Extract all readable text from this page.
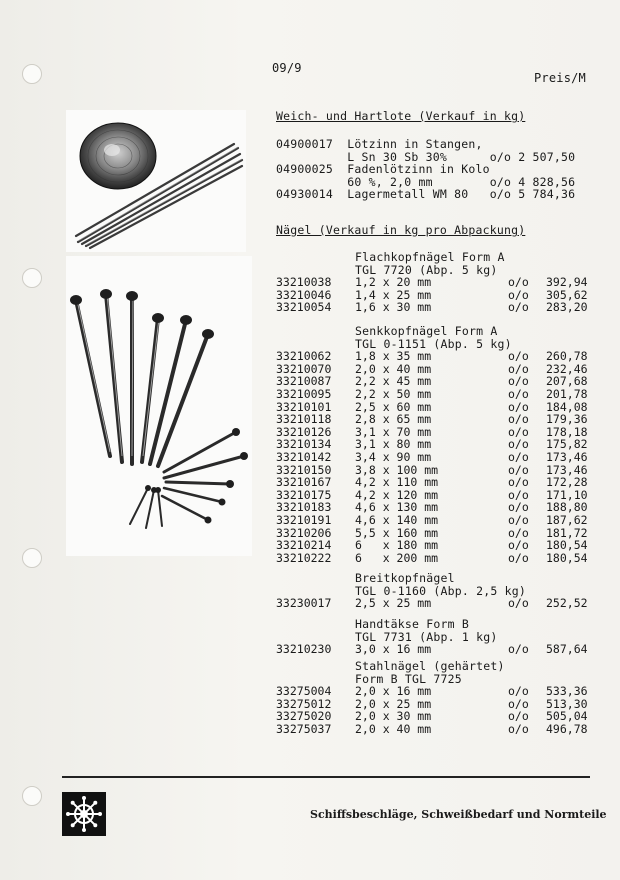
09/9
Preis/M
Weich- und Hartlote (Verkauf in kg)
04900017  Lötzinn in Stangen,
L Sn 30 Sb 30%      o/o 2 507,50
04900025  Fadenlötzinn in Kolo
60 %, 2,0 mm        o/o 4 828,56
04930014  Lagermetall WM 80   o/o 5 784,36
Nägel (Verkauf in kg pro Abpackung)
Flachkopfnägel Form A
TGL 7720 (Abp. 5 kg)
33210038 1,2 x 20 mm	o/o 392,94
33210046 1,4 x 25 mm	o/o 305,62
33210054 1,6 x 30 mm	o/o 283,20
Senkkopfnägel Form A
TGL 0-1151 (Abp. 5 kg)
33210062 1,8 x 35 mm	o/o 260,78
33210070 2,0 x 40 mm	o/o 232,46
33210087 2,2 x 45 mm	o/o 207,68
33210095 2,2 x 50 mm	o/o 201,78
33210101 2,5 x 60 mm	o/o 184,08
33210118 2,8 x 65 mm	o/o 179,36
33210126 3,1 x 70 mm	o/o 178,18
33210134 3,1 x 80 mm	o/o 175,82
33210142 3,4 x 90 mm	o/o 173,46
33210150 3,8 x 100 mm	o/o 173,46
33210167 4,2 x 110 mm	o/o 172,28
33210175 4,2 x 120 mm	o/o 171,10
33210183 4,6 x 130 mm	o/o 188,80
33210191 4,6 x 140 mm	o/o 187,62
33210206 5,5 x 160 mm	o/o 181,72
33210214 6   x 180 mm	o/o 180,54
33210222 6   x 200 mm	o/o 180,54
Breitkopfnägel
TGL 0-1160 (Abp. 2,5 kg)
33230017 2,5 x 25 mm	o/o 252,52
Handtäkse Form B
TGL 7731 (Abp. 1 kg)
33210230 3,0 x 16 mm	o/o 587,64
Stahlnägel (gehärtet)
Form B TGL 7725
33275004 2,0 x 16 mm	o/o 533,36
33275012 2,0 x 25 mm	o/o 513,30
33275020 2,0 x 30 mm	o/o 505,04
33275037 2,0 x 40 mm	o/o 496,78
Schiffsbeschläge, Schweißbedarf und Normteile
